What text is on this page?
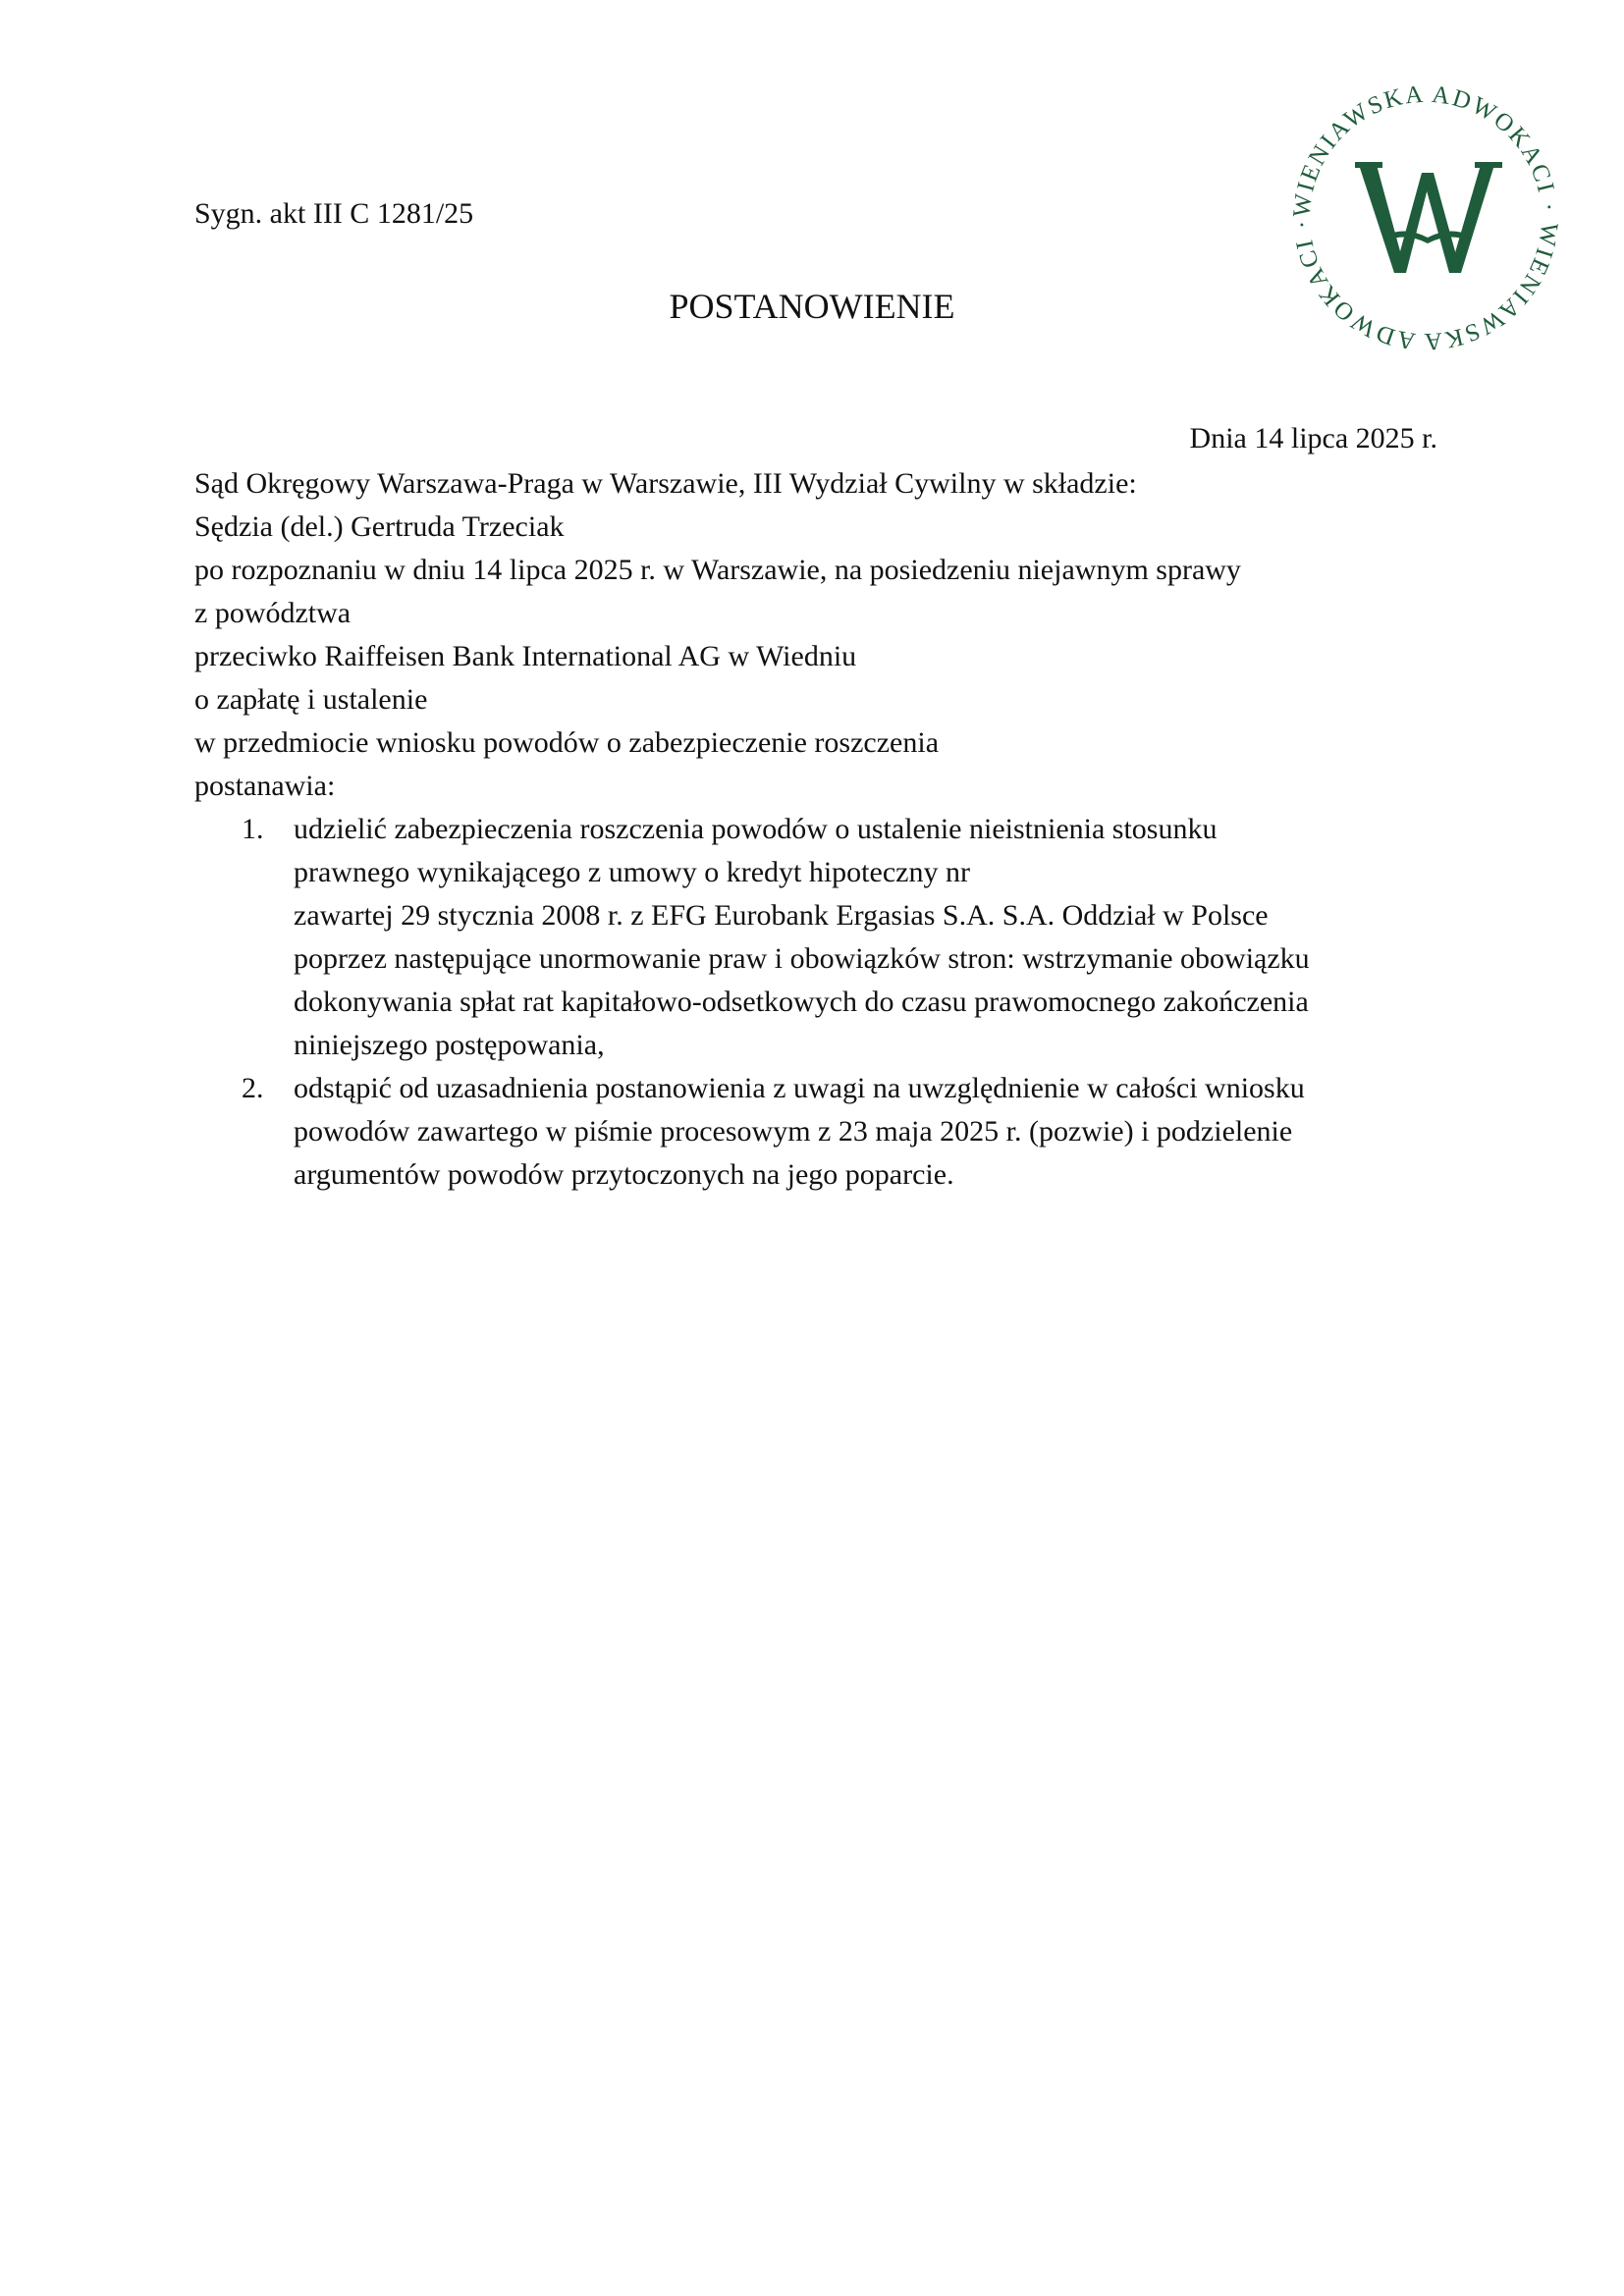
WIENIAWSKA ADWOKACI · WIENIAWSKA ADWOKACI ·
Sygn. akt III C 1281/25
POSTANOWIENIE
Dnia 14 lipca 2025 r.

Sąd Okręgowy Warszawa-Praga w Warszawie, III Wydział Cywilny w składzie:

Sędzia (del.) Gertruda Trzeciak

po rozpoznaniu w dniu 14 lipca 2025 r. w Warszawie, na posiedzeniu niejawnym sprawy

z powództwa

przeciwko Raiffeisen Bank International AG w Wiedniu

o zapłatę i ustalenie

w przedmiocie wniosku powodów o zabezpieczenie roszczenia

postanawia:

1. udzielić zabezpieczenia roszczenia powodów o ustalenie nieistnienia stosunku
prawnego wynikającego z umowy o kredyt hipoteczny nr
zawartej 29 stycznia 2008 r. z EFG Eurobank Ergasias S.A. S.A. Oddział w Polsce
poprzez następujące unormowanie praw i obowiązków stron: wstrzymanie obowiązku
dokonywania spłat rat kapitałowo-odsetkowych do czasu prawomocnego zakończenia
niniejszego postępowania,
2. odstąpić od uzasadnienia postanowienia z uwagi na uwzględnienie w całości wniosku
powodów zawartego w piśmie procesowym z 23 maja 2025 r. (pozwie) i podzielenie
argumentów powodów przytoczonych na jego poparcie.
